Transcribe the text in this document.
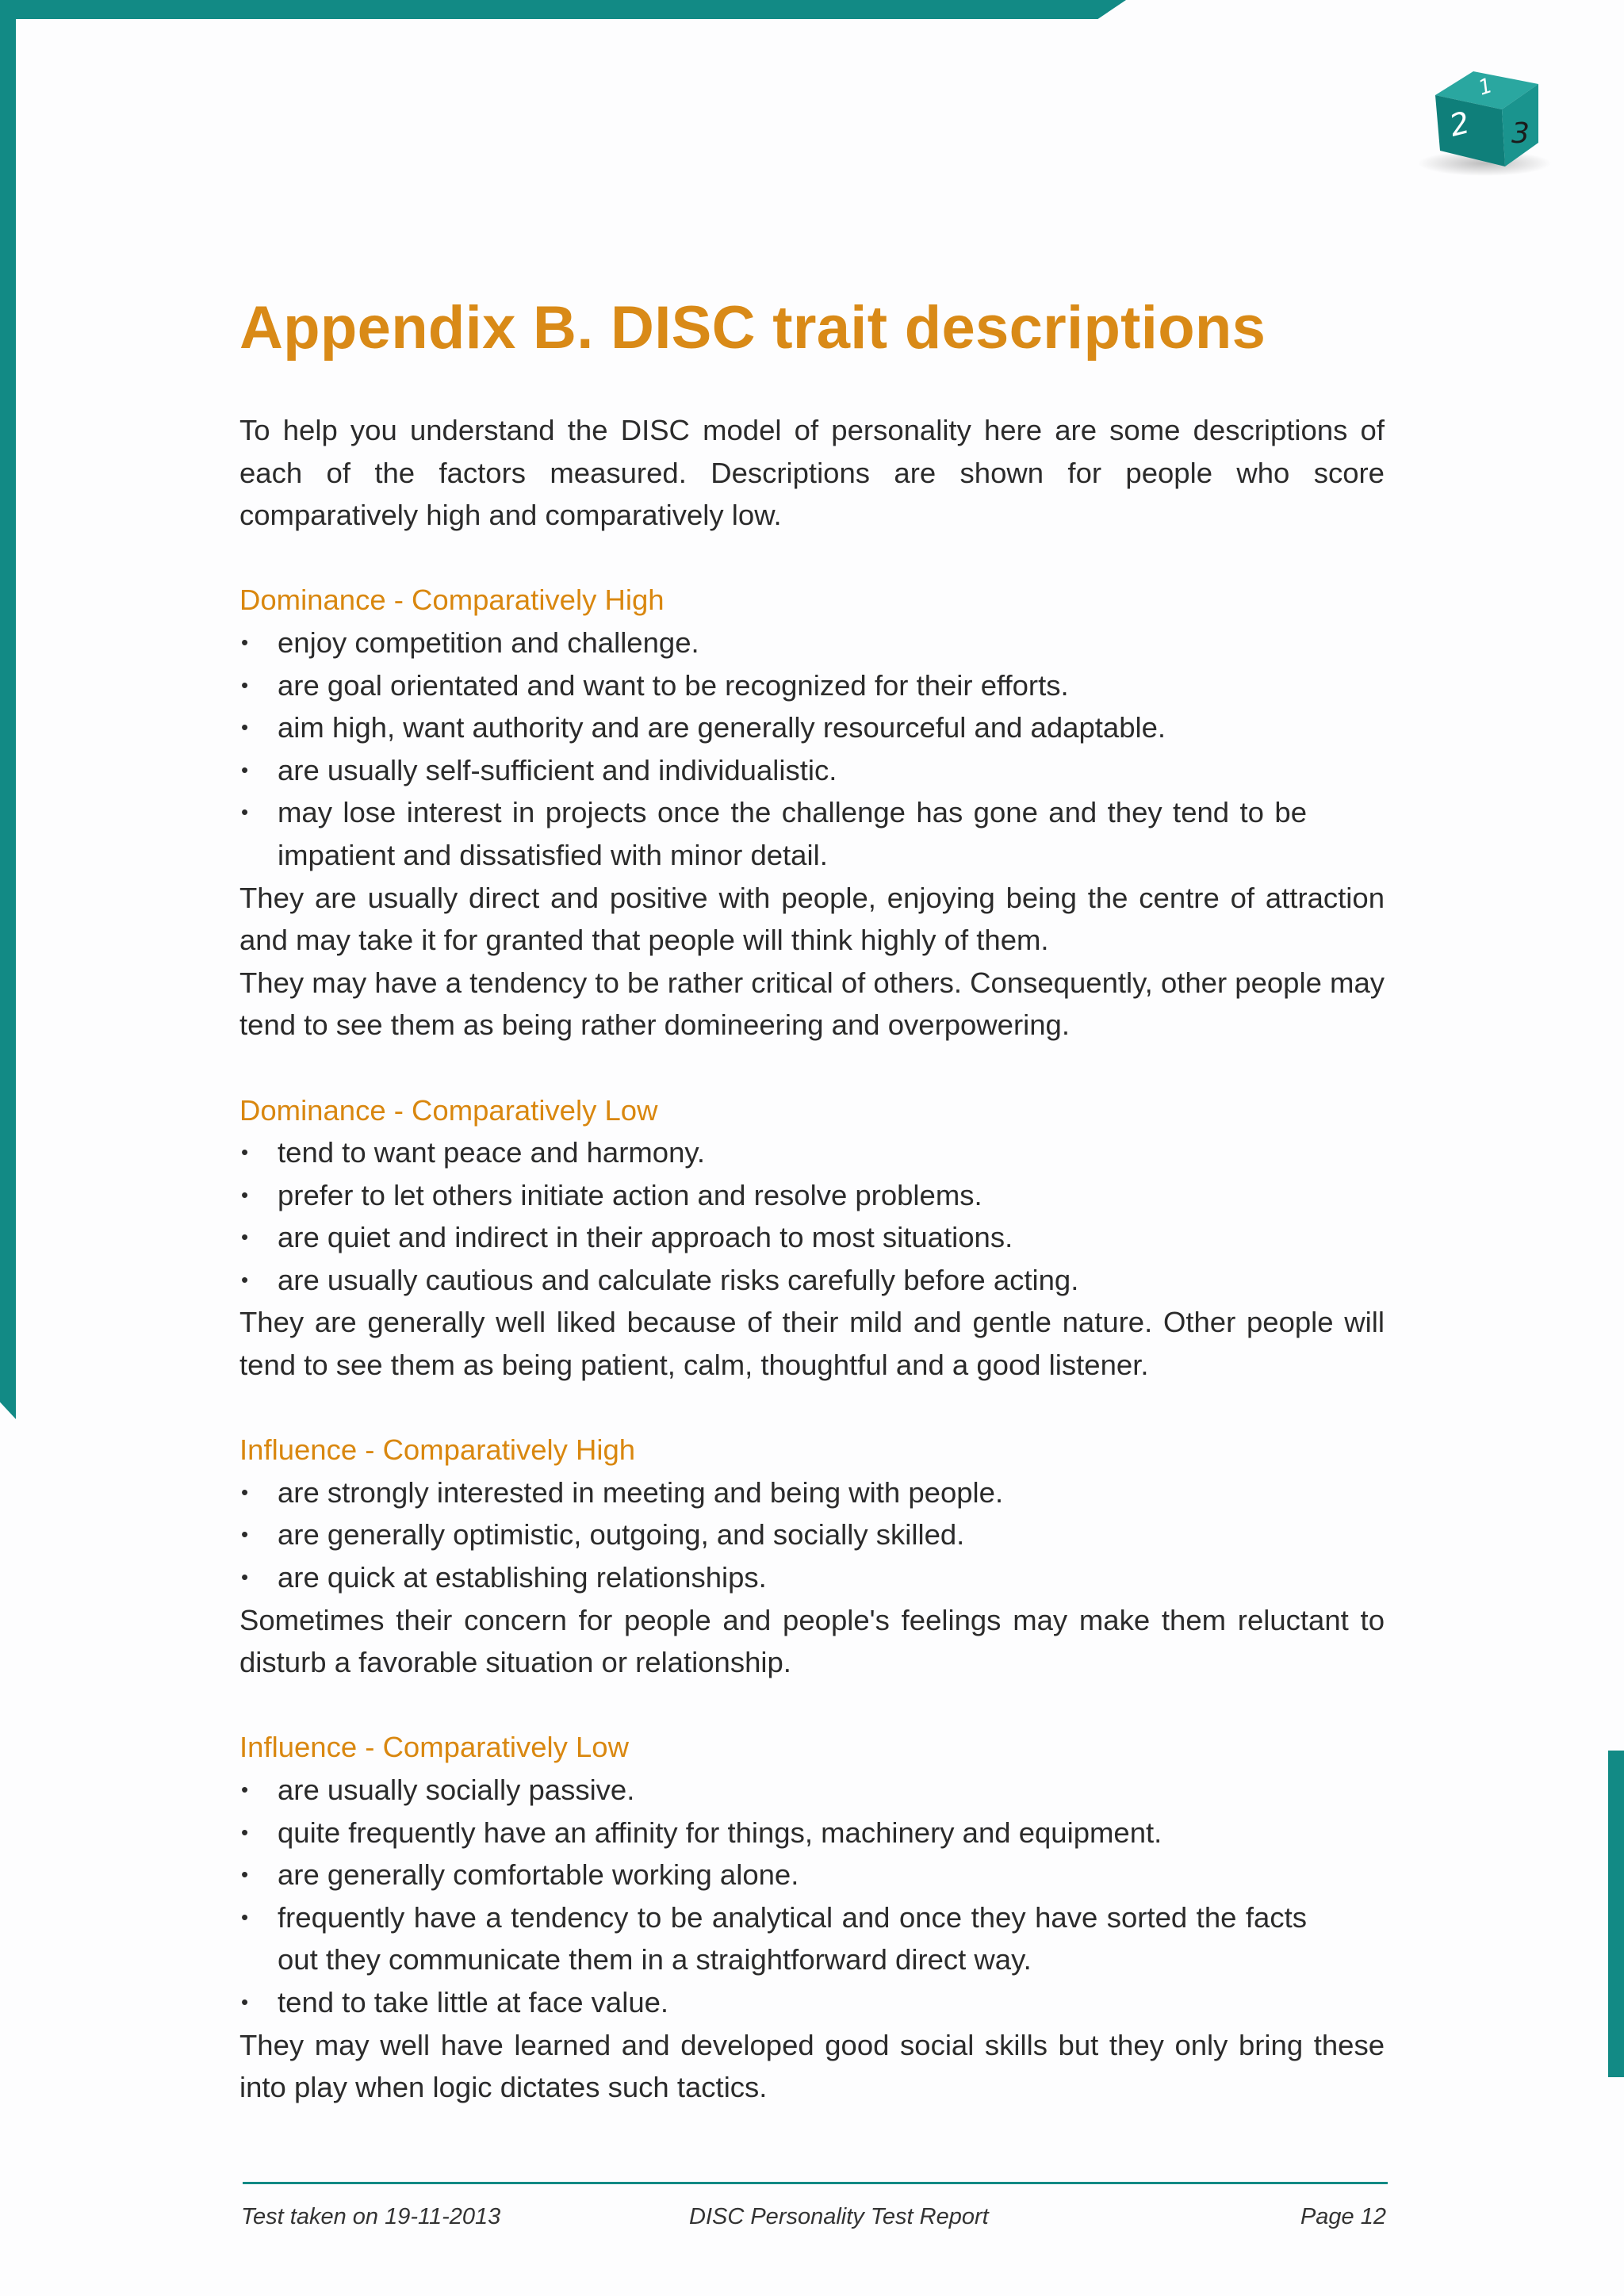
1
2 3
Appendix B. DISC trait descriptions

To help you understand the DISC model of personality here are some descriptions of each of the factors measured. Descriptions are shown for people who score comparatively high and comparatively low.

Dominance - Comparatively High
• enjoy competition and challenge.
• are goal orientated and want to be recognized for their efforts.
• aim high, want authority and are generally resourceful and adaptable.
• are usually self-sufficient and individualistic.
• may lose interest in projects once the challenge has gone and they tend to be impatient and dissatisfied with minor detail.

They are usually direct and positive with people, enjoying being the centre of attraction and may take it for granted that people will think highly of them.

They may have a tendency to be rather critical of others. Consequently, other people may tend to see them as being rather domineering and overpowering.

Dominance - Comparatively Low
• tend to want peace and harmony.
• prefer to let others initiate action and resolve problems.
• are quiet and indirect in their approach to most situations.
• are usually cautious and calculate risks carefully before acting.

They are generally well liked because of their mild and gentle nature. Other people will tend to see them as being patient, calm, thoughtful and a good listener.

Influence - Comparatively High
• are strongly interested in meeting and being with people.
• are generally optimistic, outgoing, and socially skilled.
• are quick at establishing relationships.

Sometimes their concern for people and people's feelings may make them reluctant to disturb a favorable situation or relationship.

Influence - Comparatively Low
• are usually socially passive.
• quite frequently have an affinity for things, machinery and equipment.
• are generally comfortable working alone.
• frequently have a tendency to be analytical and once they have sorted the facts out they communicate them in a straightforward direct way.
• tend to take little at face value.

They may well have learned and developed good social skills but they only bring these into play when logic dictates such tactics.

Test taken on 19-11-2013	DISC Personality Test Report	Page 12
